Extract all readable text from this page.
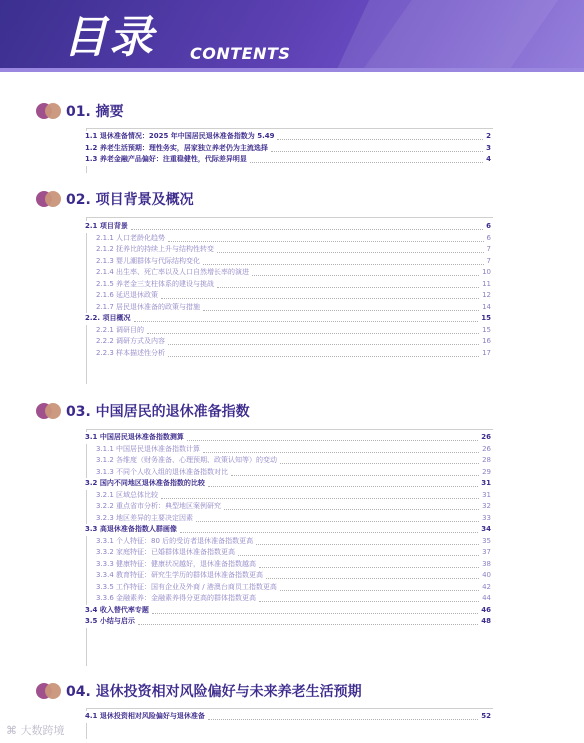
目录 CONTENTS
01. 摘要
1.1 退休准备情况：2025 年中国居民退休准备指数为 5.49	2
1.2 养老生活预期：理性务实，居家独立养老仍为主流选择	3
1.3 养老金融产品偏好：注重稳健性，代际差异明显	4
02. 项目背景及概况
2.1 项目背景	6
2.1.1 人口老龄化趋势	6
2.1.2 抚养比的持续上升与结构性转变	7
2.1.3 婴儿潮群体与代际结构变化	7
2.1.4 出生率、死亡率以及人口自然增长率的演进	10
2.1.5 养老金三支柱体系的建设与挑战	11
2.1.6 延迟退休政策	12
2.1.7 居民退休准备的政策与措施	14
2.2. 项目概况	15
2.2.1 调研目的	15
2.2.2 调研方式及内容	16
2.2.3 样本描述性分析	17
03. 中国居民的退休准备指数
3.1 中国居民退休准备指数测算	26
3.1.1 中国居民退休准备指数计算	26
3.1.2 各维度（财务准备、心理预期、政策认知等）的变动	28
3.1.3 不同个人收入组的退休准备指数对比	29
3.2 国内不同地区退休准备指数的比较	31
3.2.1 区域总体比较	31
3.2.2 重点省市分析：典型地区案例研究	32
3.2.3 地区差异的主要决定因素	33
3.3 高退休准备指数人群画像	34
3.3.1 个人特征：80 后的受访者退休准备指数更高	35
3.3.2 家庭特征：已婚群体退休准备指数更高	37
3.3.3 健康特征：健康状况越好，退休准备指数越高	38
3.3.4 教育特征：研究生学历的群体退休准备指数更高	40
3.3.5 工作特征：国有企业及外商 / 港澳台商员工指数更高	42
3.3.6 金融素养：金融素养得分更高的群体指数更高	44
3.4 收入替代率专题	46
3.5 小结与启示	48
04. 退休投资相对风险偏好与未来养老生活预期
4.1 退休投资相对风险偏好与退休准备	52
⌘ 大数跨境
